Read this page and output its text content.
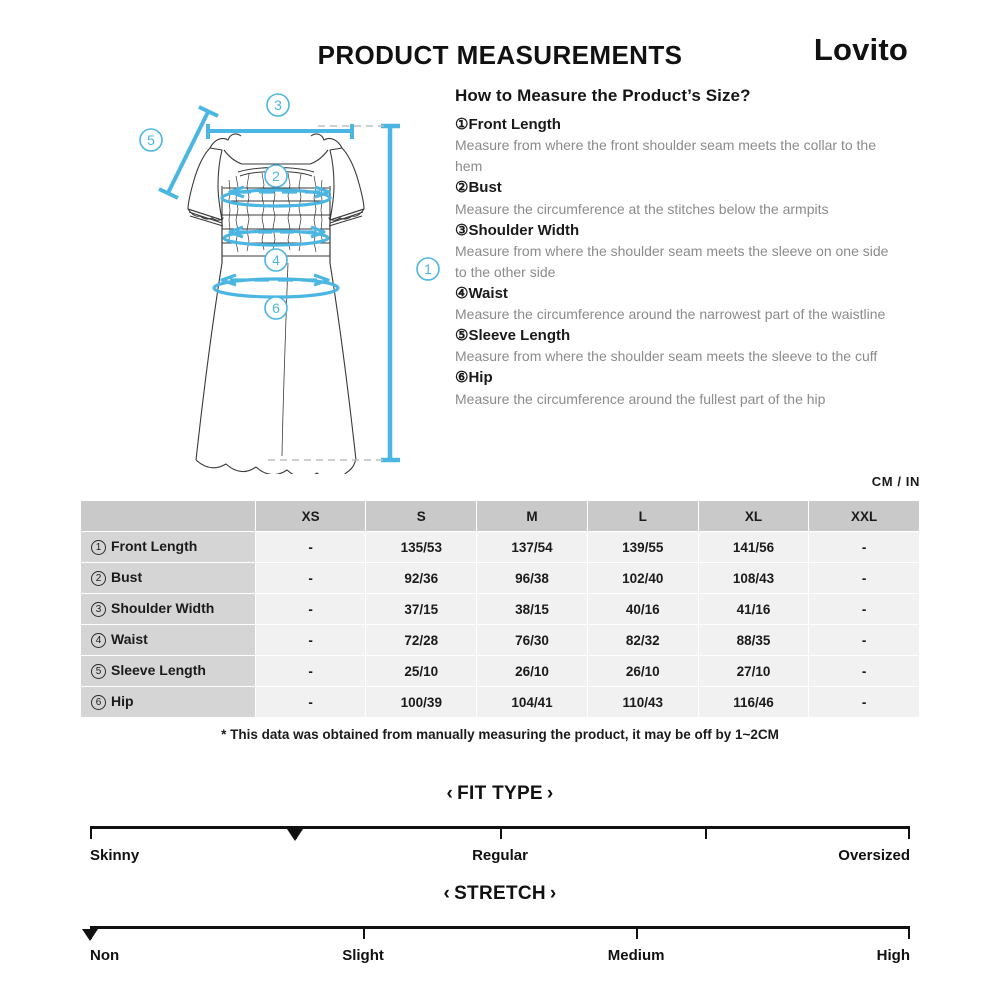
PRODUCT MEASUREMENTS	Lovito
3
5
2
4
6
1
How to Measure the Product’s Size?
①Front Length
Measure from where the front shoulder seam meets the collar to the hem
②Bust
Measure the circumference at the stitches below the armpits
③Shoulder Width
Measure from where the shoulder seam meets the sleeve on one side to the other side
④Waist
Measure the circumference around the narrowest part of the waistline
⑤Sleeve Length
Measure from where the shoulder seam meets the sleeve to the cuff
⑥Hip
Measure the circumference around the fullest part of the hip
CM / IN
	XS	S	M	L	XL	XXL
1 Front Length	-	135/53	137/54	139/55	141/56	-
2 Bust	-	92/36	96/38	102/40	108/43	-
3 Shoulder Width	-	37/15	38/15	40/16	41/16	-
4 Waist	-	72/28	76/30	82/32	88/35	-
5 Sleeve Length	-	25/10	26/10	26/10	27/10	-
6 Hip	-	100/39	104/41	110/43	116/46	-
* This data was obtained from manually measuring the product, it may be off by 1~2CM
‹ FIT TYPE ›
Skinny	Regular	Oversized
‹ STRETCH ›
Non	Slight	Medium	High
